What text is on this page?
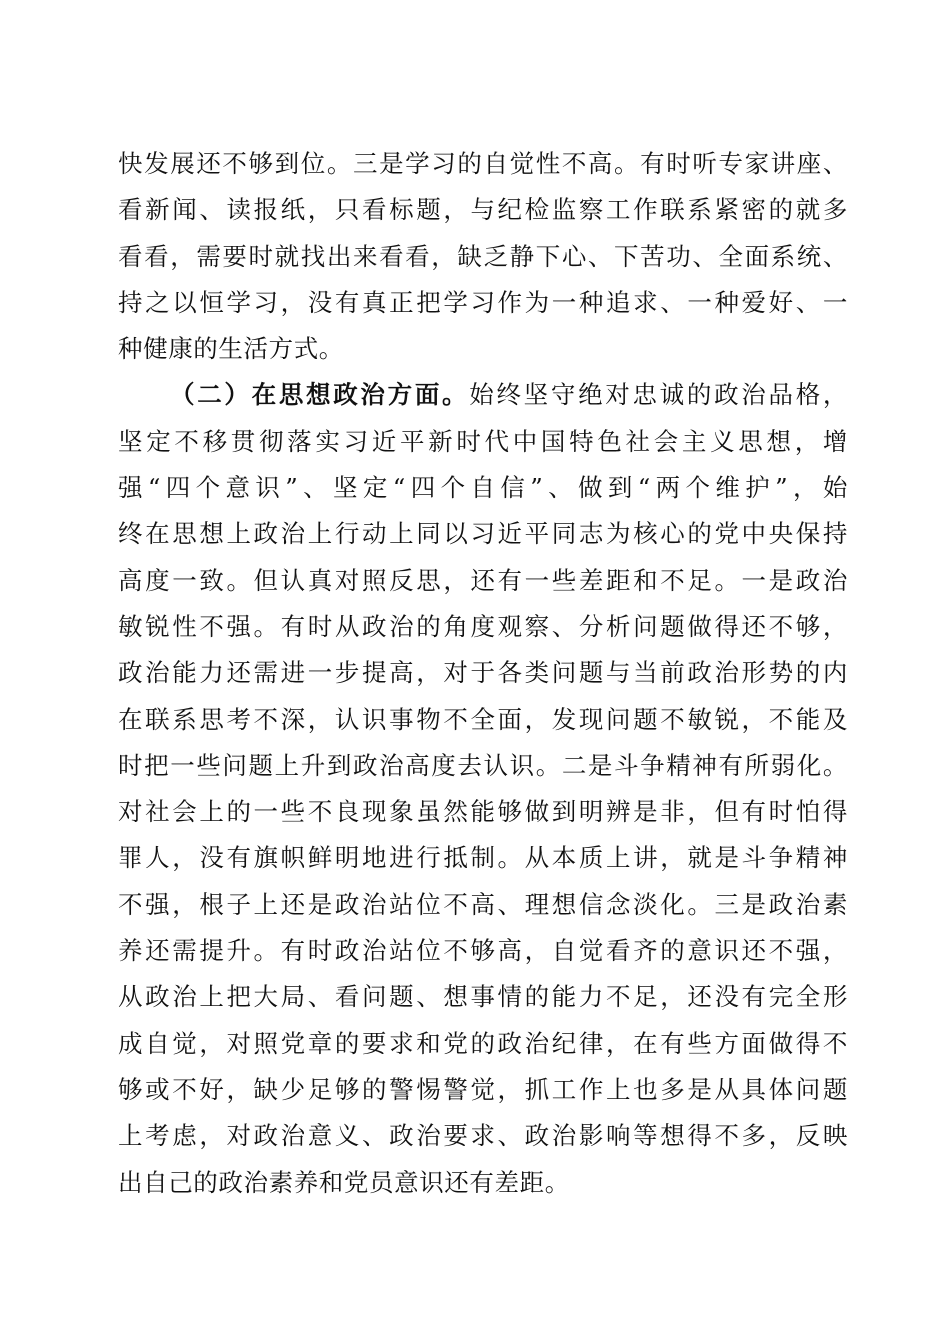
快发展还不够到位。三是学习的自觉性不高。有时听专家讲座、
看新闻、读报纸，只看标题，与纪检监察工作联系紧密的就多
看看，需要时就找出来看看，缺乏静下心、下苦功、全面系统、
持之以恒学习，没有真正把学习作为一种追求、一种爱好、一
种健康的生活方式。
（二）在思想政治方面。始终坚守绝对忠诚的政治品格，
坚定不移贯彻落实习近平新时代中国特色社会主义思想，增
强“四个意识”、坚定“四个自信”、做到“两个维护”，始
终在思想上政治上行动上同以习近平同志为核心的党中央保持
高度一致。但认真对照反思，还有一些差距和不足。一是政治
敏锐性不强。有时从政治的角度观察、分析问题做得还不够，
政治能力还需进一步提高，对于各类问题与当前政治形势的内
在联系思考不深，认识事物不全面，发现问题不敏锐，不能及
时把一些问题上升到政治高度去认识。二是斗争精神有所弱化。
对社会上的一些不良现象虽然能够做到明辨是非，但有时怕得
罪人，没有旗帜鲜明地进行抵制。从本质上讲，就是斗争精神
不强，根子上还是政治站位不高、理想信念淡化。三是政治素
养还需提升。有时政治站位不够高，自觉看齐的意识还不强，
从政治上把大局、看问题、想事情的能力不足，还没有完全形
成自觉，对照党章的要求和党的政治纪律，在有些方面做得不
够或不好，缺少足够的警惕警觉，抓工作上也多是从具体问题
上考虑，对政治意义、政治要求、政治影响等想得不多，反映
出自己的政治素养和党员意识还有差距。
